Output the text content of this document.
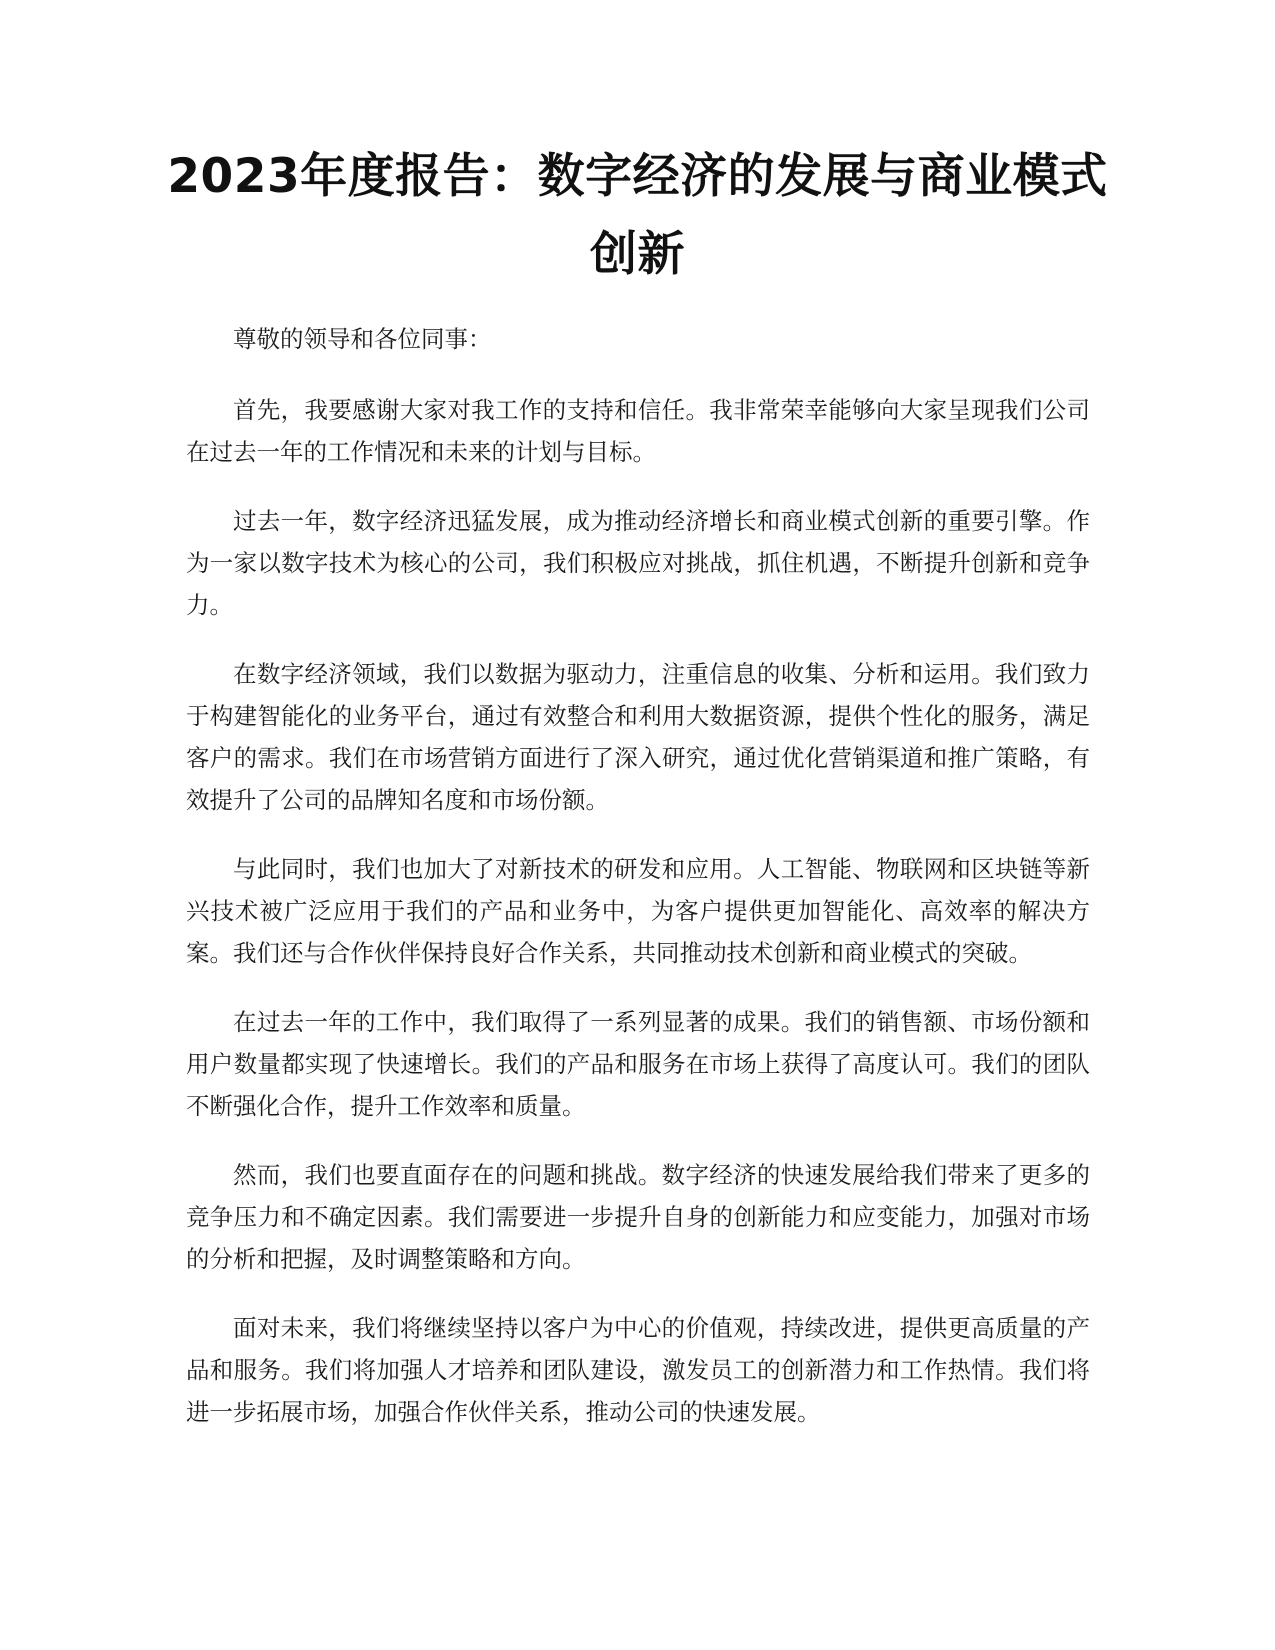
2023年度报告：数字经济的发展与商业模式创新

尊敬的领导和各位同事：

首先，我要感谢大家对我工作的支持和信任。我非常荣幸能够向大家呈现我们公司在过去一年的工作情况和未来的计划与目标。

过去一年，数字经济迅猛发展，成为推动经济增长和商业模式创新的重要引擎。作为一家以数字技术为核心的公司，我们积极应对挑战，抓住机遇，不断提升创新和竞争力。

在数字经济领域，我们以数据为驱动力，注重信息的收集、分析和运用。我们致力于构建智能化的业务平台，通过有效整合和利用大数据资源，提供个性化的服务，满足客户的需求。我们在市场营销方面进行了深入研究，通过优化营销渠道和推广策略，有效提升了公司的品牌知名度和市场份额。

与此同时，我们也加大了对新技术的研发和应用。人工智能、物联网和区块链等新兴技术被广泛应用于我们的产品和业务中，为客户提供更加智能化、高效率的解决方案。我们还与合作伙伴保持良好合作关系，共同推动技术创新和商业模式的突破。

在过去一年的工作中，我们取得了一系列显著的成果。我们的销售额、市场份额和用户数量都实现了快速增长。我们的产品和服务在市场上获得了高度认可。我们的团队不断强化合作，提升工作效率和质量。

然而，我们也要直面存在的问题和挑战。数字经济的快速发展给我们带来了更多的竞争压力和不确定因素。我们需要进一步提升自身的创新能力和应变能力，加强对市场的分析和把握，及时调整策略和方向。

面对未来，我们将继续坚持以客户为中心的价值观，持续改进，提供更高质量的产品和服务。我们将加强人才培养和团队建设，激发员工的创新潜力和工作热情。我们将进一步拓展市场，加强合作伙伴关系，推动公司的快速发展。
